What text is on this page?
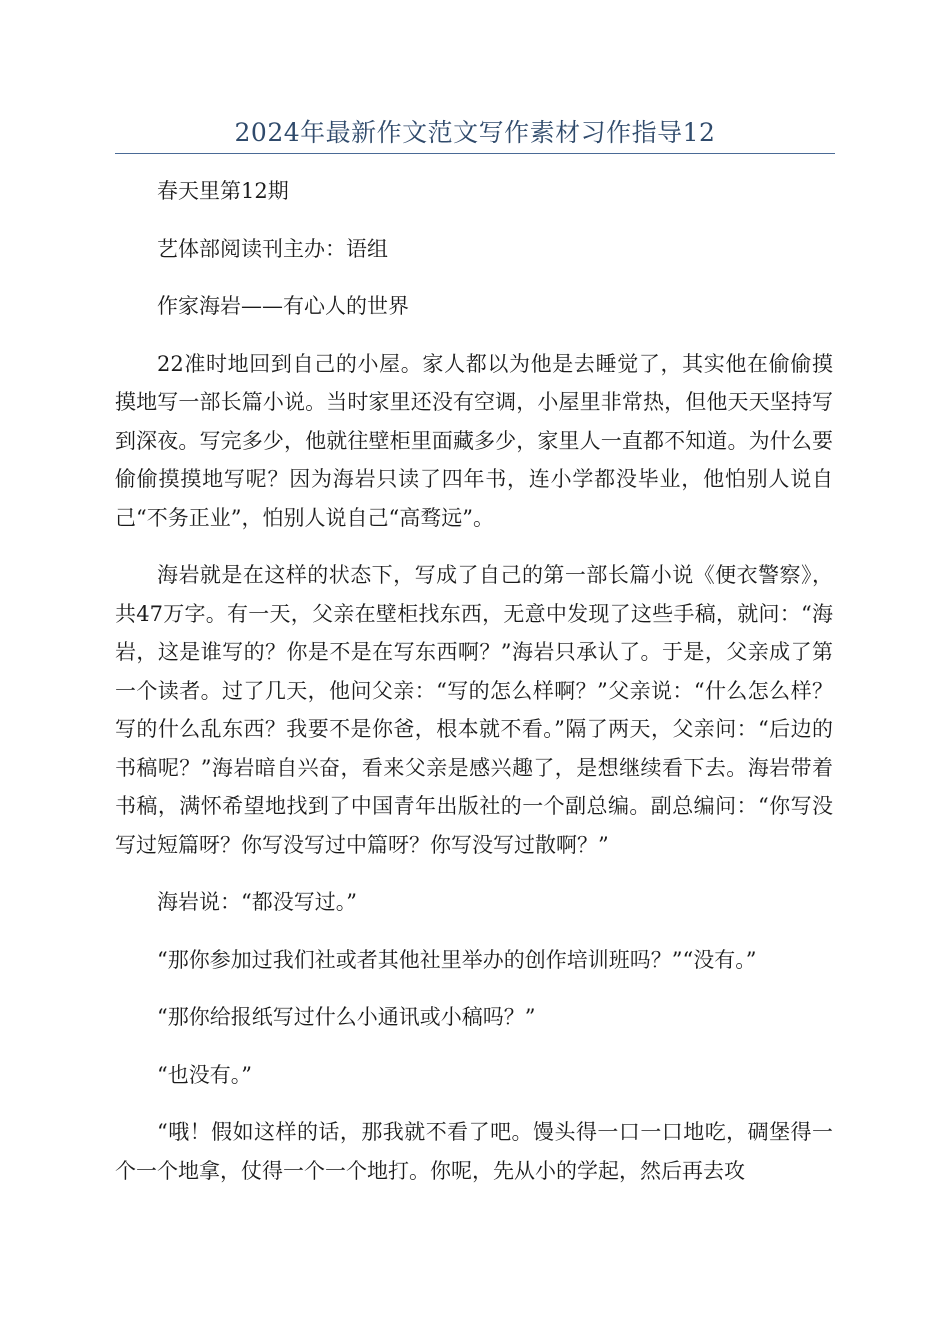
2024年最新作文范文写作素材习作指导12

春天里第12期

艺体部阅读刊主办：语组

作家海岩——有心人的世界

22准时地回到自己的小屋。家人都以为他是去睡觉了，其实他在偷偷摸摸地写一部长篇小说。当时家里还没有空调，小屋里非常热，但他天天坚持写到深夜。写完多少，他就往壁柜里面藏多少，家里人一直都不知道。为什么要偷偷摸摸地写呢？因为海岩只读了四年书，连小学都没毕业，他怕别人说自己“不务正业”，怕别人说自己“高骛远”。

海岩就是在这样的状态下，写成了自己的第一部长篇小说《便衣警察》，共47万字。有一天，父亲在壁柜找东西，无意中发现了这些手稿，就问：“海岩，这是谁写的？你是不是在写东西啊？”海岩只承认了。于是，父亲成了第一个读者。过了几天，他问父亲：“写的怎么样啊？”父亲说：“什么怎么样？写的什么乱东西？我要不是你爸，根本就不看。”隔了两天，父亲问：“后边的书稿呢？”海岩暗自兴奋，看来父亲是感兴趣了，是想继续看下去。海岩带着书稿，满怀希望地找到了中国青年出版社的一个副总编。副总编问：“你写没写过短篇呀？你写没写过中篇呀？你写没写过散啊？”

海岩说：“都没写过。”

“那你参加过我们社或者其他社里举办的创作培训班吗？”“没有。”

“那你给报纸写过什么小通讯或小稿吗？”

“也没有。”

“哦！假如这样的话，那我就不看了吧。馒头得一口一口地吃，碉堡得一个一个地拿，仗得一个一个地打。你呢，先从小的学起，然后再去攻
